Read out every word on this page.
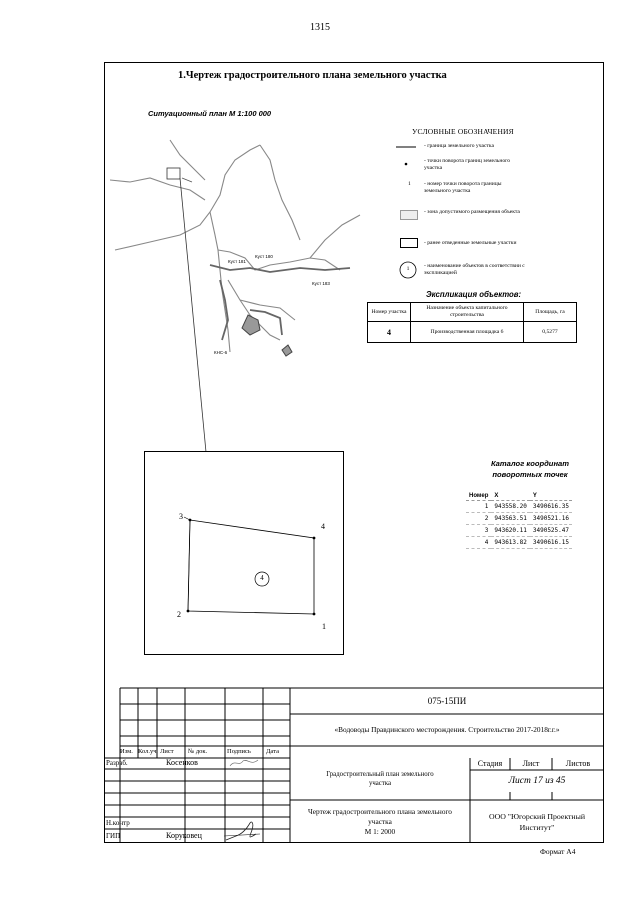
1315
1.Чертеж градостроительного плана земельного участка
Ситуационный план М 1:100 000
Куст 181
Куст 180
Куст 183
КНС-6
УСЛОВНЫЕ ОБОЗНАЧЕНИЯ
- граница земельного участка
- точки поворота границ земельного участка
1 - номер точки поворота границы земельного участка
- зона допустимого размещения объекта
- ранее отведенные земельные участки
1	- наименование объектов в соответствии с экспликацией
Экспликация объектов:
Номер участка	Назначение объекта капитального строительства	Площадь, га
4	Производственная площадка 6	0,5277
3
4
2
1
4
Каталог координат поворотных точек
Номер	X	Y
1	943558.20	3490616.35
2	943563.51	3490521.16
3	943620.11	3490525.47
4	943613.82	3490616.15
075-15ПИ
«Водоводы Правдинского месторождения. Строительство 2017-2018г.г.»
Изм. Кол.уч Лист	№ док.	Подпись	Дата
Разраб.	Косенков
Н.контр
ГИП	Коруковец
Градостроительный план земельного участка
Стадия	Лист	Листов
Лист 17 из 45
Чертеж градостроительного плана земельного участка
М 1: 2000
ООО "Югорский Проектный Институт"
Формат А4
